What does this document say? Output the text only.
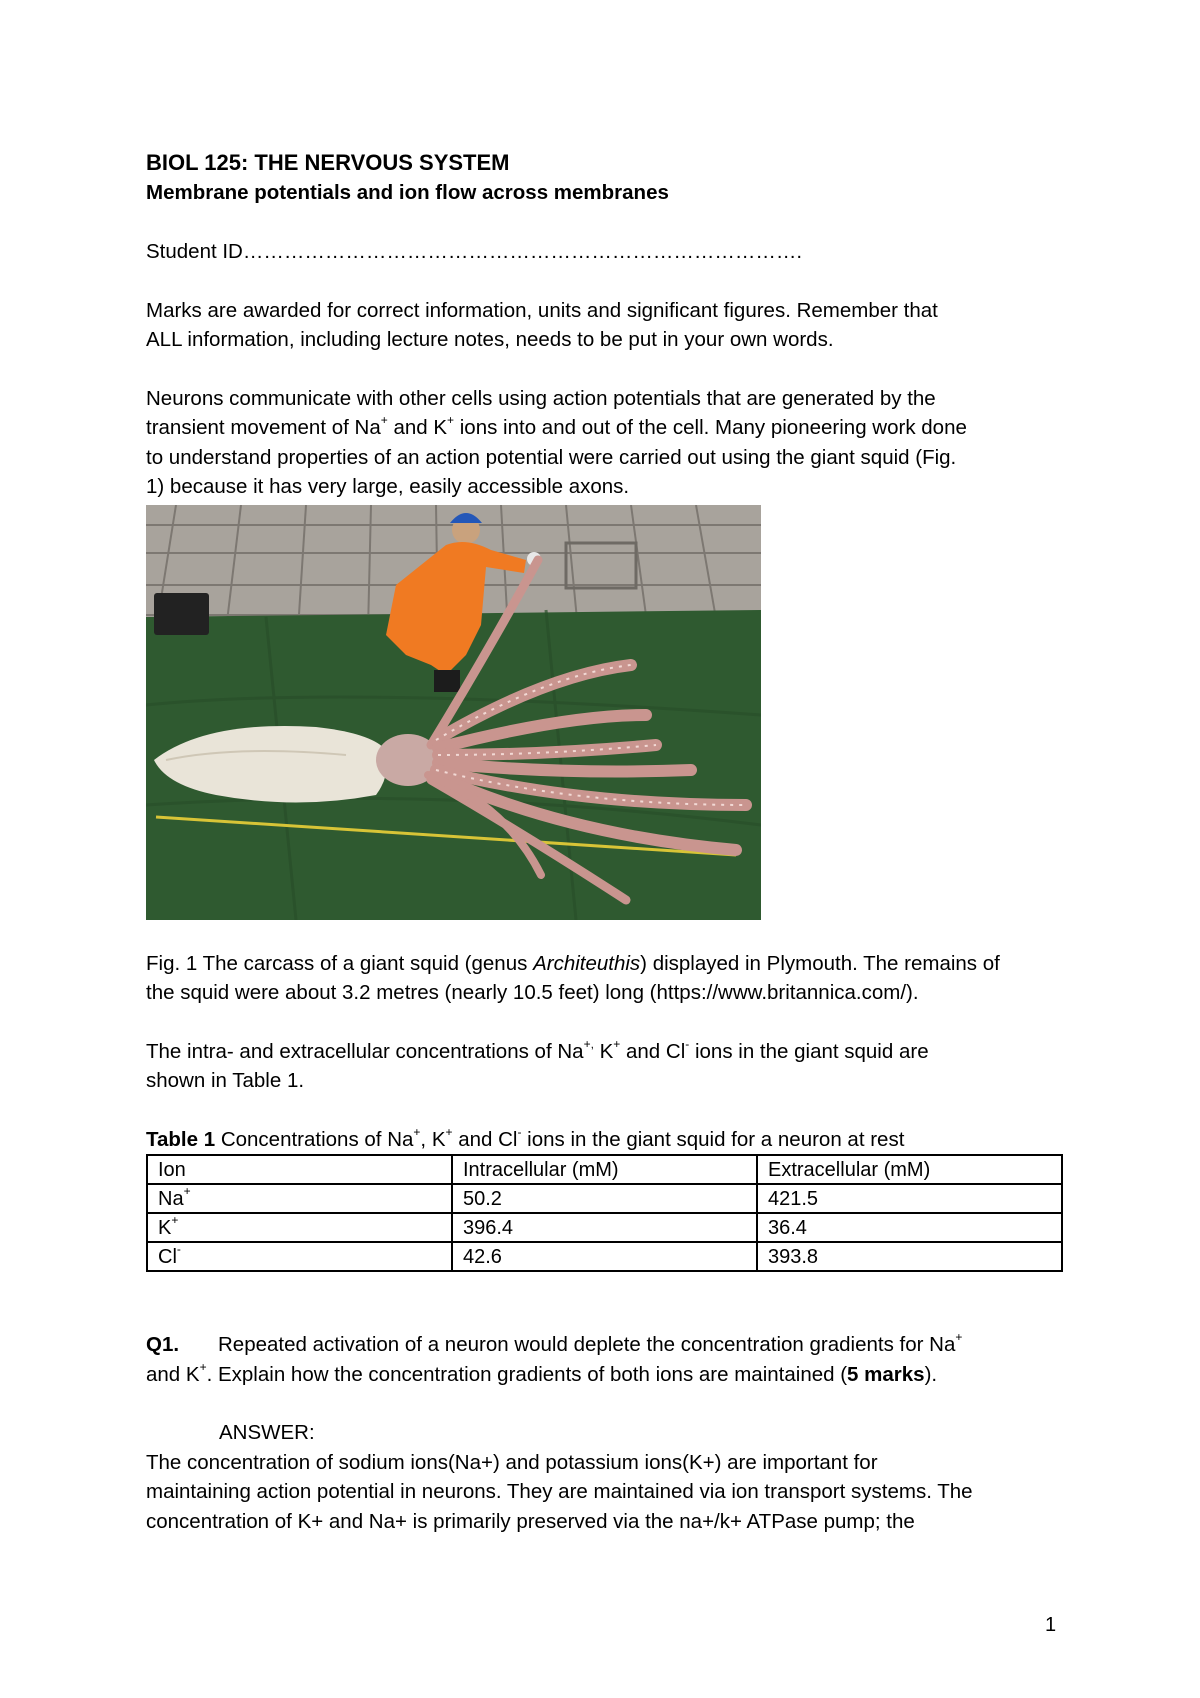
BIOL 125: THE NERVOUS SYSTEM

Membrane potentials and ion flow across membranes

Student ID……………………………………………………………………….

Marks are awarded for correct information, units and significant figures. Remember that

ALL information, including lecture notes, needs to be put in your own words.

Neurons communicate with other cells using action potentials that are generated by the

transient movement of Na+ and K+ ions into and out of the cell. Many pioneering work done

to understand properties of an action potential were carried out using the giant squid (Fig.

1) because it has very large, easily accessible axons.

Fig. 1 The carcass of a giant squid (genus Architeuthis) displayed in Plymouth. The remains of

the squid were about 3.2 metres (nearly 10.5 feet) long (https://www.britannica.com/).

The intra- and extracellular concentrations of Na+, K+ and Cl- ions in the giant squid are

shown in Table 1.

Table 1 Concentrations of Na+, K+ and Cl- ions in the giant squid for a neuron at rest

Ion	Intracellular (mM)	Extracellular (mM)
Na+	50.2	421.5
K+	396.4	36.4
Cl-	42.6	393.8

Q1. Repeated activation of a neuron would deplete the concentration gradients for Na+

and K+. Explain how the concentration gradients of both ions are maintained (5 marks).

ANSWER:

The concentration of sodium ions(Na+) and potassium ions(K+) are important for

maintaining action potential in neurons. They are maintained via ion transport systems. The

concentration of K+ and Na+ is primarily preserved via the na+/k+ ATPase pump; the

1
